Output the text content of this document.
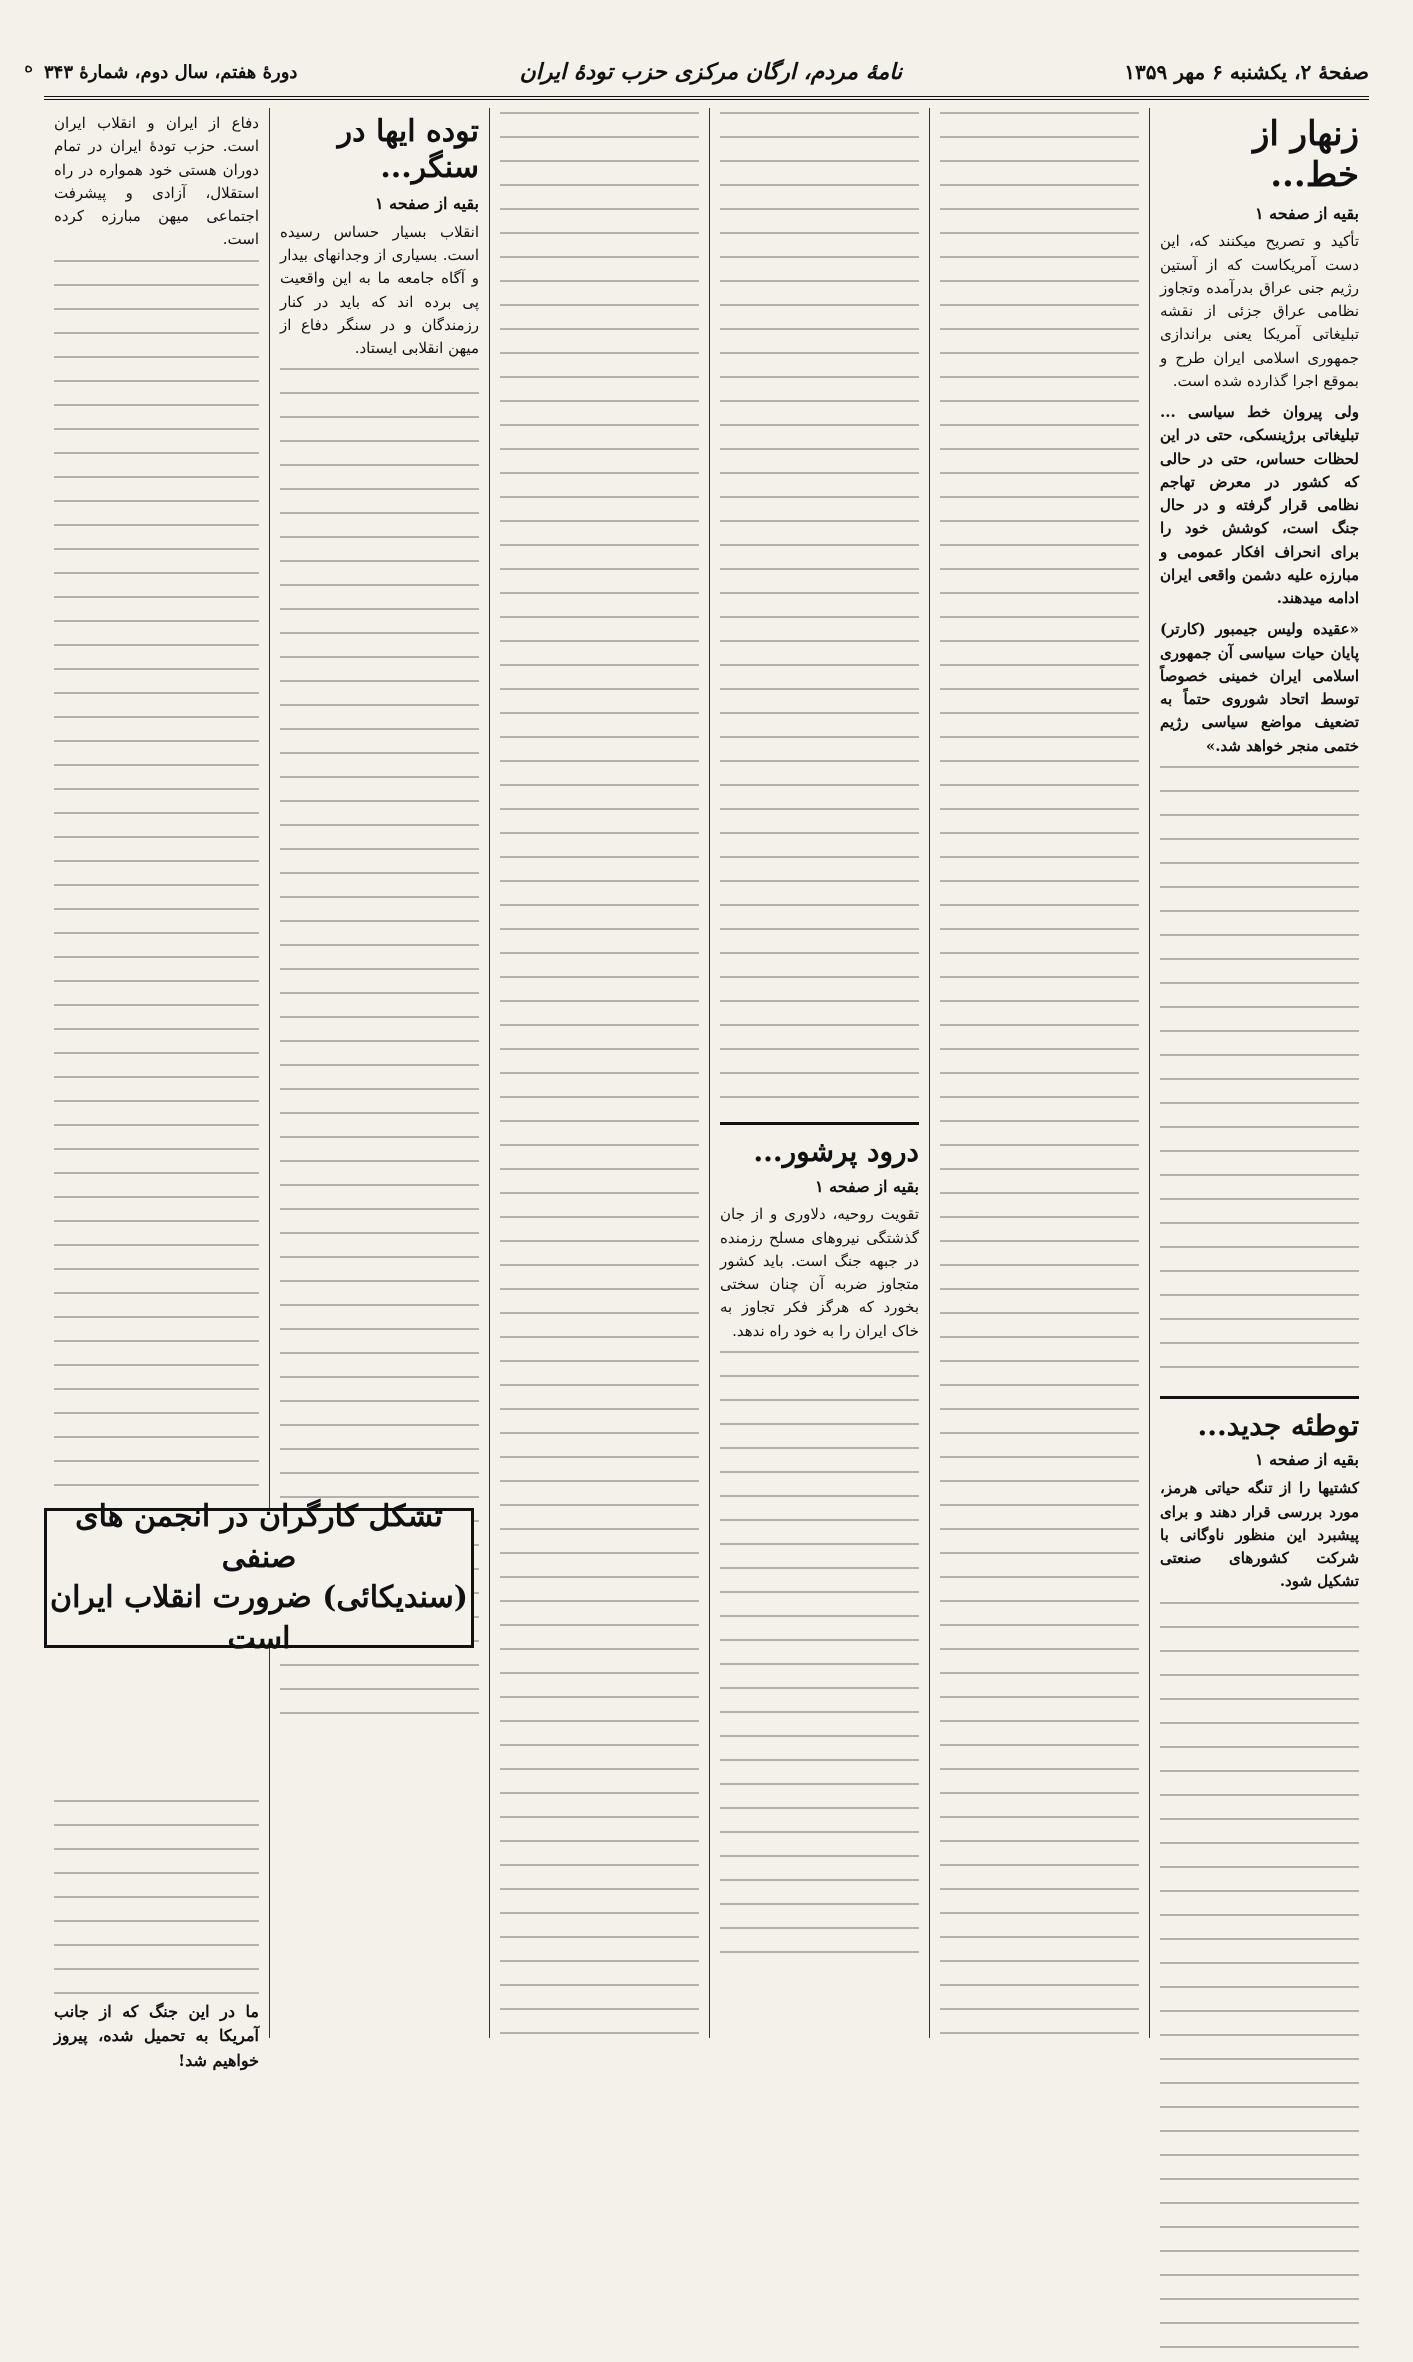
ه	صفحهٔ ۲، یکشنبه ۶ مهر ۱۳۵۹
نامهٔ مردم، ارگان مرکزی حزب تودهٔ ایران
دورهٔ هفتم، سال دوم، شمارهٔ ۳۴۳
زنهار از خط...
بقیه از صفحه ۱

تأکید و تصریح میکنند که، این دست آمریکاست که از آستین رژیم جنی عراق بدرآمده وتجاوز نظامی عراق جزئی از نقشه تبلیغاتی آمریکا یعنی براندازی جمهوری اسلامی ایران طرح و بموقع اجرا گذارده شده است.

ولی پیروان خط سیاسی ... تبلیغاتی برژینسکی، حتی در این لحظات حساس، حتی در حالی که کشور در معرض تهاجم نظامی قرار گرفته و در حال جنگ است، کوشش خود را برای انحراف افکار عمومی و مبارزه علیه دشمن واقعی ایران ادامه میدهند.

«عقیده ولیس جیمبور (کارتر) پایان حیات سیاسی آن جمهوری اسلامی ایران خمینی خصوصاً توسط اتحاد شوروی حتماً به تضعیف مواضع سیاسی رژیم ختمی منجر خواهد شد.»

توطئه جدید...
بقیه از صفحه ۱

کشتیها را از تنگه حیاتی هرمز، مورد بررسی قرار دهند و برای پیشبرد این منظور ناوگانی با شرکت کشورهای صنعتی تشکیل شود.

درود پرشور...
بقیه از صفحه ۱

تقویت روحیه، دلاوری و از جان گذشتگی نیروهای مسلح رزمنده در جبهه جنگ است. باید کشور متجاوز ضربه آن چنان سختی بخورد که هرگز فکر تجاوز به خاک ایران را به خود راه ندهد.

توده ایها در سنگر...
بقیه از صفحه ۱

انقلاب بسیار حساس رسیده است. بسیاری از وجدانهای بیدار و آگاه جامعه ما به این واقعیت پی برده اند که باید در کنار رزمندگان و در سنگر دفاع از میهن انقلابی ایستاد.

دفاع از ایران و انقلاب ایران است. حزب تودهٔ ایران در تمام دوران هستی خود همواره در راه استقلال، آزادی و پیشرفت اجتماعی میهن مبارزه کرده است.

ما در این جنگ که از جانب آمریکا به تحمیل شده، پیروز خواهیم شد!

تشکل کارگران در انجمن های صنفی
(سندیکائی) ضرورت انقلاب ایران است
